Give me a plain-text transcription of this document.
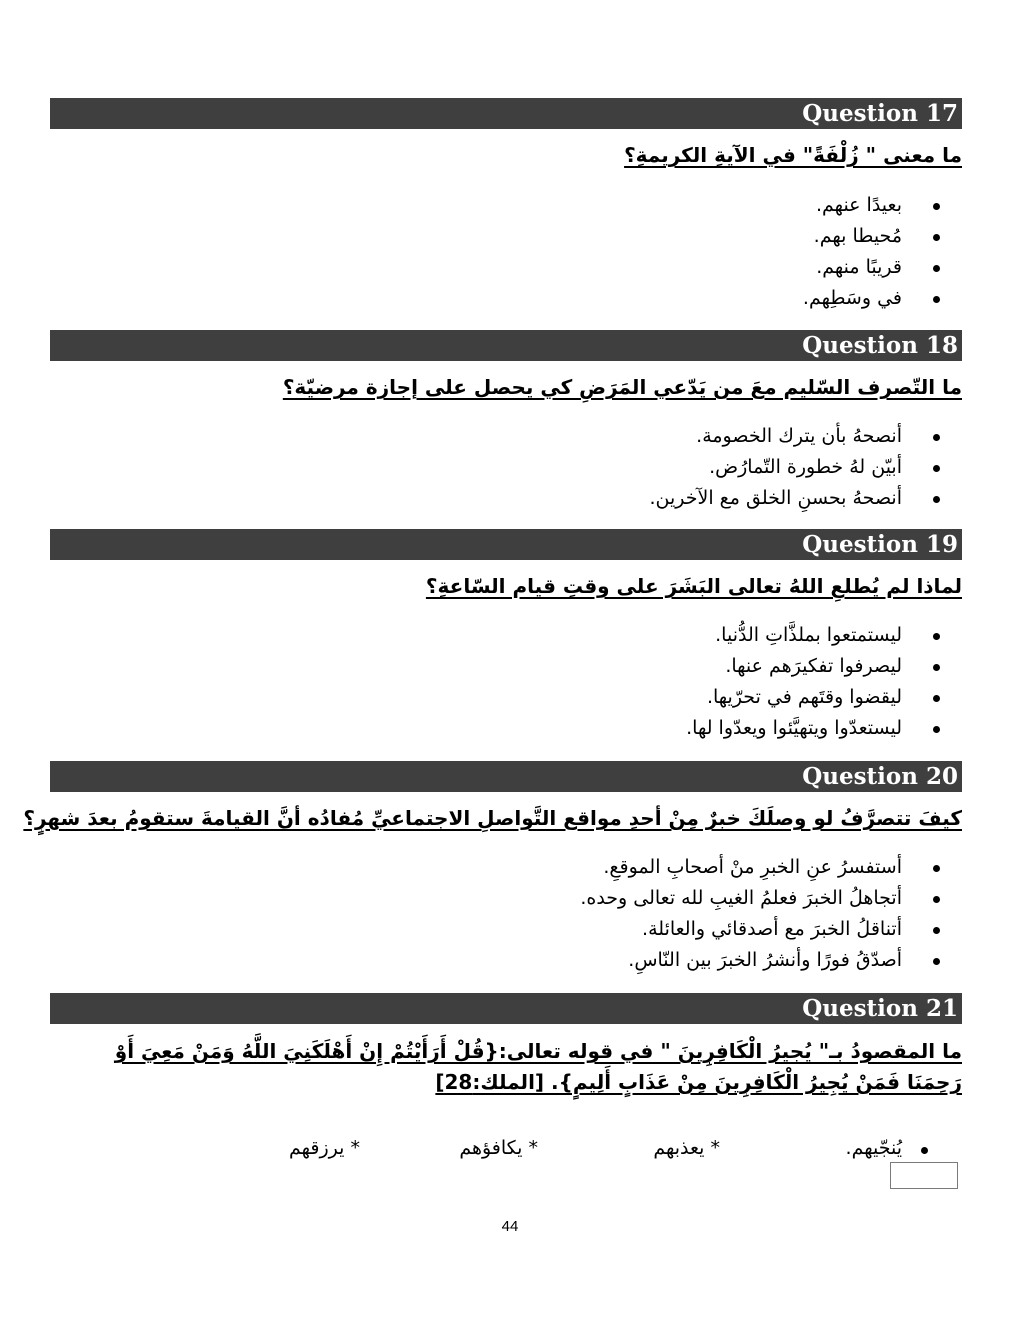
Question 17
ما معنى " زُلْفَةً" في الآيةِ الكريمةِ؟
بعيدًا عنهم.
مُحيطا بهم.
قريبًا منهم.
في وسَطِهم.
Question 18
ما التّصرف السّليم معَ من يَدّعي المَرَضِ كي يحصل على إجازة مرضيّة؟
أنصحهُ بأن يترك الخصومة.
أبيّن لهُ خطورة التّمارُض.
أنصحهُ بحسنِ الخلق مع الآخرين.
Question 19
لماذا لم يُطلعِ اللهُ تعالى البَشَرَ على وقتِ قيام السّاعةِ؟
ليستمتعوا بملذَّاتِ الدُّنيا.
ليصرفوا تفكيرَهم عنها.
ليقضوا وقتَهم في تحرّيها.
ليستعدّوا ويتهيَّئوا ويعدّوا لها.
Question 20
كيفَ تتصرَّفُ لو وصلَكَ خبرٌ مِنْ أحدِ مواقع التَّواصلِ الاجتماعيِّ مُفادُه أنَّ القيامةَ ستقومُ بعدَ شهرٍ؟
أستفسرُ عنِ الخبرِ منْ أصحابِ الموقعِ.
أتجاهلُ الخبرَ فعلمُ الغيبِ لله تعالى وحده.
أتناقلُ الخبرَ مع أصدقائي والعائلة.
أصدّقُ فورًا وأنشرُ الخبرَ بين النّاسِ.
Question 21
ما المقصودُ بـ" يُجيرُ الْكَافِرِينَ " في قوله تعالى:{قُلْ أَرَأَيْتُمْ إِنْ أَهْلَكَنِيَ اللَّهُ وَمَنْ مَعِيَ أَوْ رَحِمَنَا فَمَنْ يُجِيرُ الْكَافِرِينَ مِنْ عَذَابٍ أَلِيمٍ}. [الملك:28]
يُنجّيهم.
* يعذبهم
* يكافؤهم
* يرزقهم
44
